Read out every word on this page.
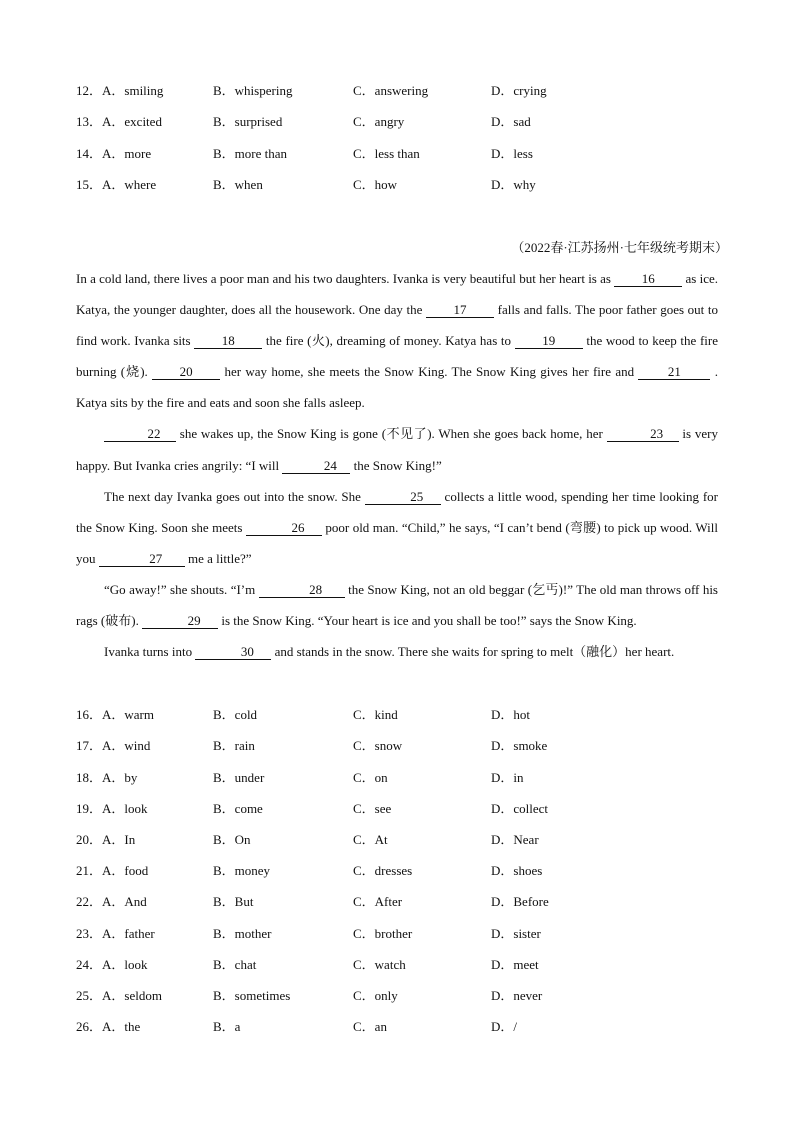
12．A．smiling	B．whispering	C．answering	D．crying
13．A．excited	B．surprised	C．angry	D．sad
14．A．more	B．more than	C．less than	D．less
15．A．where	B．when	C．how	D．why
（2022春·江苏扬州·七年级统考期末）

In a cold land, there lives a poor man and his two daughters. Ivanka is very beautiful but her heart is as 16 as ice. Katya, the younger daughter, does all the housework. One day the 17 falls and falls. The poor father goes out to find work. Ivanka sits 18 the fire (火), dreaming of money. Katya has to 19 the wood to keep the fire burning (烧). 20 her way home, she meets the Snow King. The Snow King gives her fire and 21 . Katya sits by the fire and eats and soon she falls asleep.

22 she wakes up, the Snow King is gone (不见了). When she goes back home, her	23 is very happy. But Ivanka cries angrily: “I will	24 the Snow King!”

The next day Ivanka goes out into the snow. She	25 collects a little wood, spending her time looking for the Snow King. Soon she meets	26 poor old man. “Child,” he says, “I can’t bend (弯腰) to pick up wood. Will you	27 me a little?”

“Go away!” she shouts. “I’m	28 the Snow King, not an old beggar (乞丐)!” The old man throws off his rags (破布).	29 is the Snow King. “Your heart is ice and you shall be too!” says the Snow King.

Ivanka turns into	30 and stands in the snow. There she waits for spring to melt（融化）her heart.

16．A．warm	B．cold	C．kind	D．hot
17．A．wind	B．rain	C．snow	D．smoke
18．A．by	B．under	C．on	D．in
19．A．look	B．come	C．see	D．collect
20．A．In	B．On	C．At	D．Near
21．A．food	B．money	C．dresses	D．shoes
22．A．And	B．But	C．After	D．Before
23．A．father	B．mother	C．brother	D．sister
24．A．look	B．chat	C．watch	D．meet
25．A．seldom	B．sometimes	C．only	D．never
26．A．the	B．a	C．an	D．/
